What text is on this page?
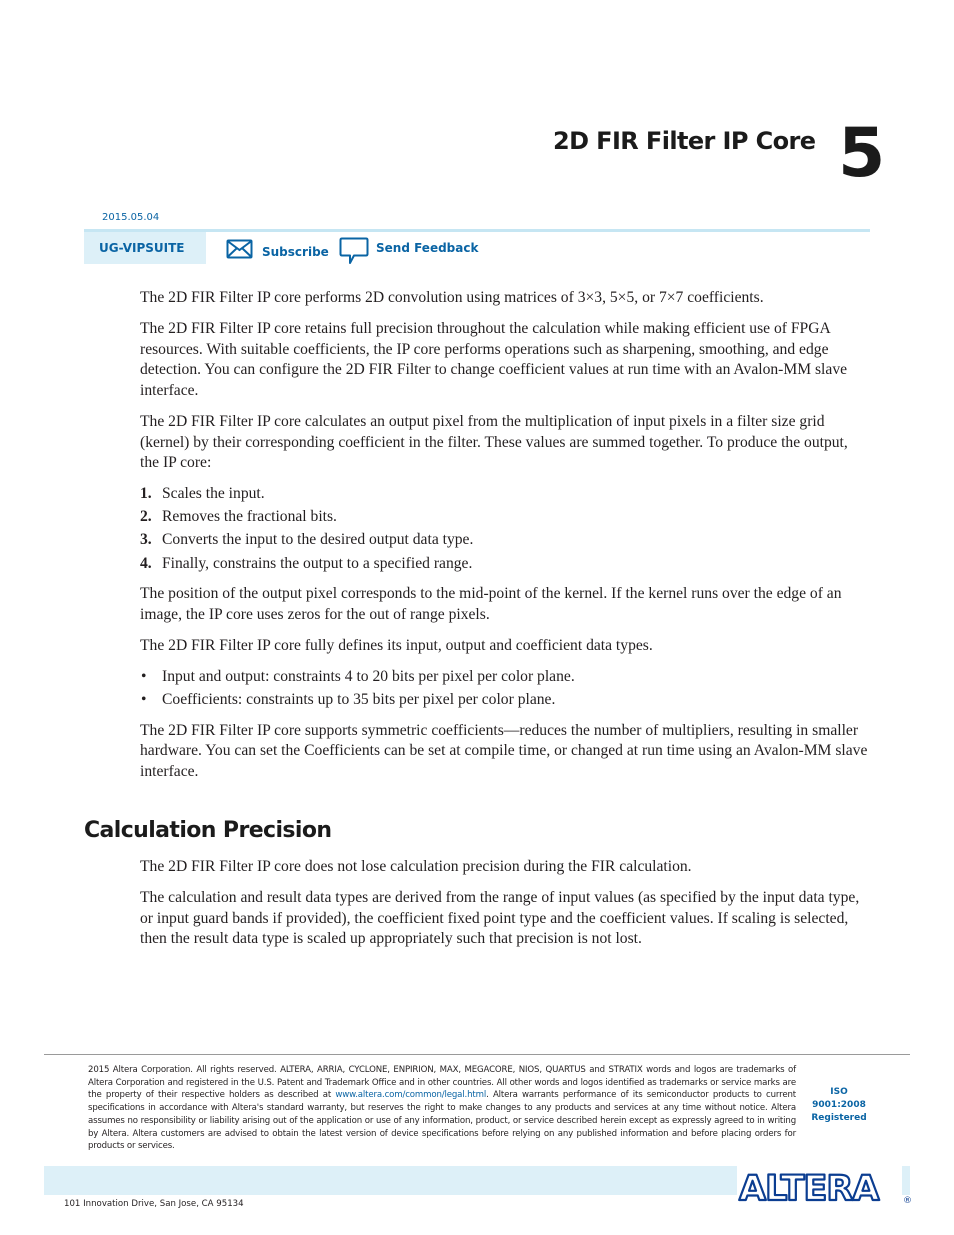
2D FIR Filter IP Core 5
2015.05.04
UG-VIPSUITE	Subscribe	Send Feedback

The 2D FIR Filter IP core performs 2D convolution using matrices of 3×3, 5×5, or 7×7 coefficients.

The 2D FIR Filter IP core retains full precision throughout the calculation while making efficient use of FPGA resources. With suitable coefficients, the IP core performs operations such as sharpening, smoothing, and edge detection. You can configure the 2D FIR Filter to change coefficient values at run time with an Avalon-MM slave interface.

The 2D FIR Filter IP core calculates an output pixel from the multiplication of input pixels in a filter size grid (kernel) by their corresponding coefficient in the filter. These values are summed together. To produce the output, the IP core:

1. Scales the input.
2. Removes the fractional bits.
3. Converts the input to the desired output data type.
4. Finally, constrains the output to a specified range.

The position of the output pixel corresponds to the mid-point of the kernel. If the kernel runs over the edge of an image, the IP core uses zeros for the out of range pixels.

The 2D FIR Filter IP core fully defines its input, output and coefficient data types.

• Input and output: constraints 4 to 20 bits per pixel per color plane.
• Coefficients: constraints up to 35 bits per pixel per color plane.

The 2D FIR Filter IP core supports symmetric coefficients—reduces the number of multipliers, resulting in smaller hardware. You can set the Coefficients can be set at compile time, or changed at run time using an Avalon-MM slave interface.

Calculation Precision

The 2D FIR Filter IP core does not lose calculation precision during the FIR calculation.

The calculation and result data types are derived from the range of input values (as specified by the input data type, or input guard bands if provided), the coefficient fixed point type and the coefficient values. If scaling is selected, then the result data type is scaled up appropriately such that precision is not lost.

2015 Altera Corporation. All rights reserved. ALTERA, ARRIA, CYCLONE, ENPIRION, MAX, MEGACORE, NIOS, QUARTUS and STRATIX words and logos are trademarks of Altera Corporation and registered in the U.S. Patent and Trademark Office and in other countries. All other words and logos identified as trademarks or service marks are the property of their respective holders as described at www.altera.com/common/legal.html. Altera warrants performance of its semiconductor products to current specifications in accordance with Altera's standard warranty, but reserves the right to make changes to any products and services at any time without notice. Altera assumes no responsibility or liability arising out of the application or use of any information, product, or service described herein except as expressly agreed to in writing by Altera. Altera customers are advised to obtain the latest version of device specifications before relying on any published information and before placing orders for products or services.
ISO
9001:2008
Registered
101 Innovation Drive, San Jose, CA 95134	ALTERA	®
